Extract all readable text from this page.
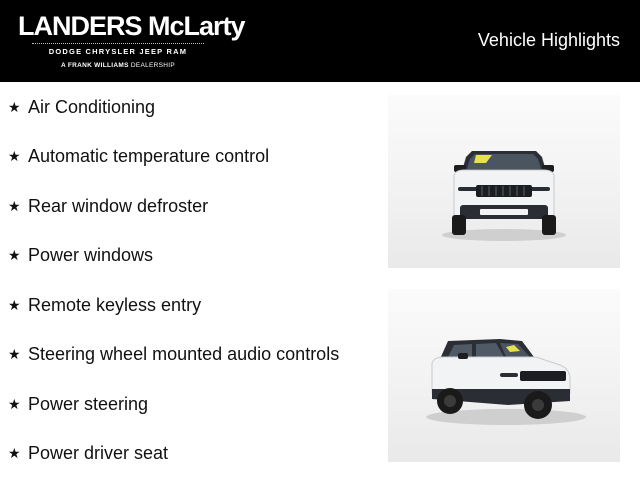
LANDERS McLarty
DODGE CHRYSLER JEEP RAM
A FRANK WILLIAMS DEALERSHIP
Vehicle Highlights
★ Air Conditioning
★ Automatic temperature control
★ Rear window defroster
★ Power windows
★ Remote keyless entry
★ Steering wheel mounted audio controls
★ Power steering
★ Power driver seat
